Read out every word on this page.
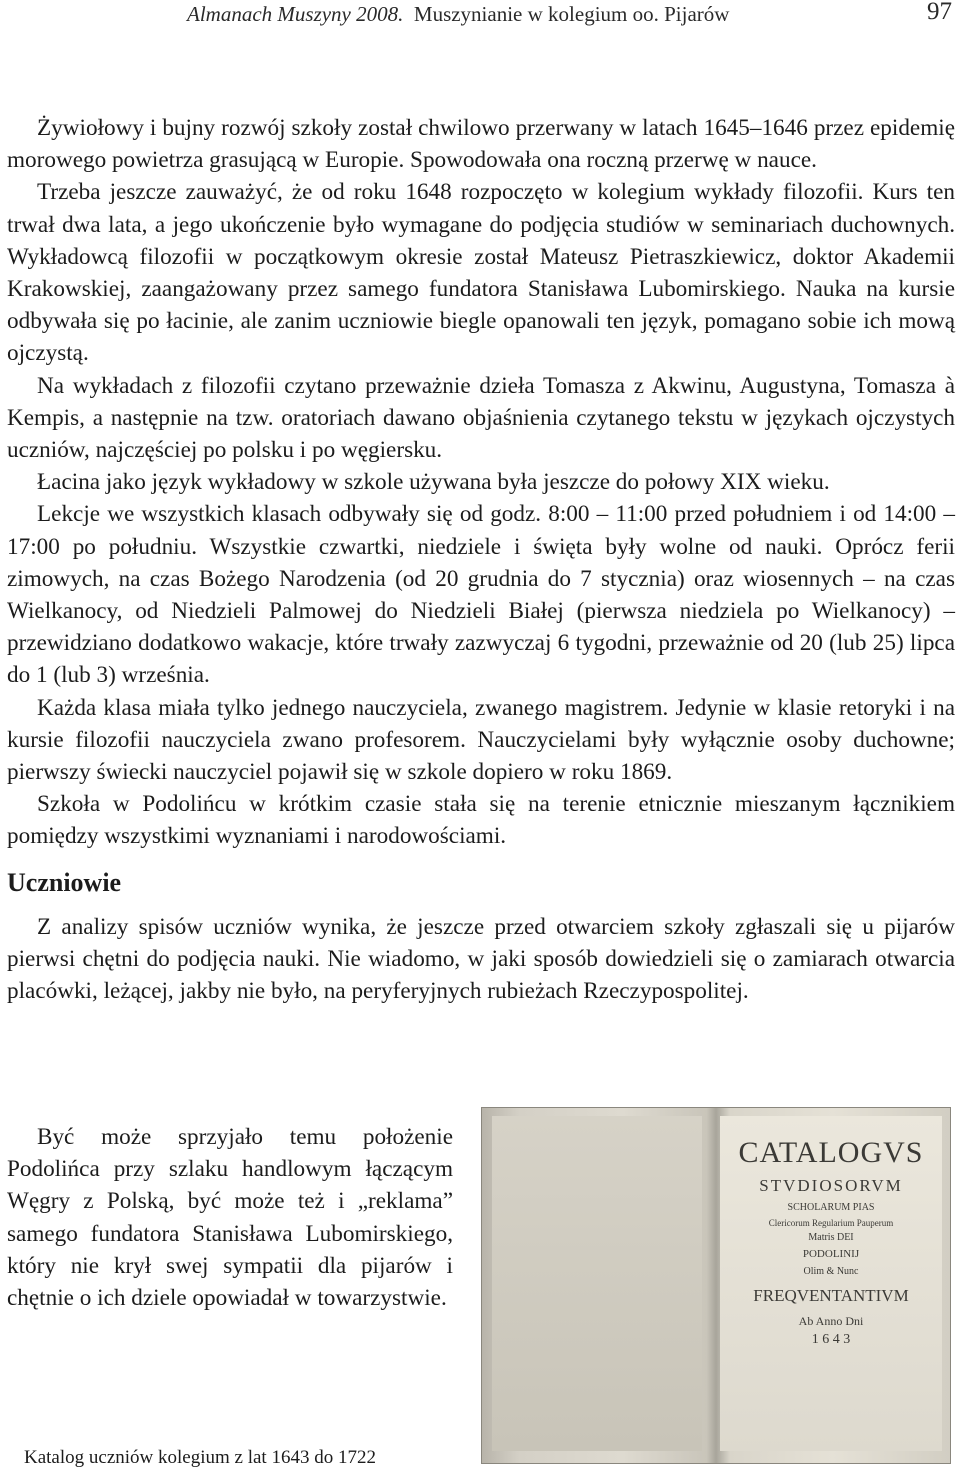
Almanach Muszyny 2008. Muszynianie w kolegium oo. Pijarów	97

Żywiołowy i bujny rozwój szkoły został chwilowo przerwany w latach 1645–1646 przez epidemię morowego powietrza grasującą w Europie. Spowodowała ona roczną przerwę w nauce.

Trzeba jeszcze zauważyć, że od roku 1648 rozpoczęto w kolegium wykłady filozofii. Kurs ten trwał dwa lata, a jego ukończenie było wymagane do podjęcia studiów w seminariach duchownych. Wykładowcą filozofii w początkowym okresie został Mateusz Pietraszkiewicz, doktor Akademii Krakowskiej, zaangażowany przez samego fundatora Stanisława Lubomirskiego. Nauka na kursie odbywała się po łacinie, ale zanim uczniowie biegle opanowali ten język, pomagano sobie ich mową ojczystą.

Na wykładach z filozofii czytano przeważnie dzieła Tomasza z Akwinu, Augustyna, Tomasza à Kempis, a następnie na tzw. oratoriach dawano objaśnienia czytanego tekstu w językach ojczystych uczniów, najczęściej po polsku i po węgiersku.

Łacina jako język wykładowy w szkole używana była jeszcze do połowy XIX wieku.

Lekcje we wszystkich klasach odbywały się od godz. 8:00 – 11:00 przed południem i od 14:00 – 17:00 po południu. Wszystkie czwartki, niedziele i święta były wolne od nauki. Oprócz ferii zimowych, na czas Bożego Narodzenia (od 20 grudnia do 7 stycznia) oraz wiosennych – na czas Wielkanocy, od Niedzieli Palmowej do Niedzieli Białej (pierwsza niedziela po Wielkanocy) – przewidziano dodatkowo wakacje, które trwały zazwyczaj 6 tygodni, przeważnie od 20 (lub 25) lipca do 1 (lub 3) września.

Każda klasa miała tylko jednego nauczyciela, zwanego magistrem. Jedynie w klasie retoryki i na kursie filozofii nauczyciela zwano profesorem. Nauczycielami były wyłącznie osoby duchowne; pierwszy świecki nauczyciel pojawił się w szkole dopiero w roku 1869.

Szkoła w Podolińcu w krótkim czasie stała się na terenie etnicznie mieszanym łącznikiem pomiędzy wszystkimi wyznaniami i narodowościami.

Uczniowie

Z analizy spisów uczniów wynika, że jeszcze przed otwarciem szkoły zgłaszali się u pijarów pierwsi chętni do podjęcia nauki. Nie wiadomo, w jaki sposób dowiedzieli się o zamiarach otwarcia placówki, leżącej, jakby nie było, na peryferyjnych rubieżach Rzeczypospolitej.

Być może sprzyjało temu położenie Podolińca przy szlaku handlowym łączącym Węgry z Polską, być może też i „reklama” samego fundatora Stanisława Lubomirskiego, który nie krył swej sympatii dla pijarów i chętnie o ich dziele opowiadał w towarzystwie.

CATALOGVS
STVDIOSORVM
SCHOLARUM PIAS
Clericorum Regularium Pauperum
Matris DEI
PODOLINIJ
Olim & Nunc
FREQVENTANTIVM
Ab Anno Dni
1 6 4 3
Katalog uczniów kolegium z lat 1643 do 1722
